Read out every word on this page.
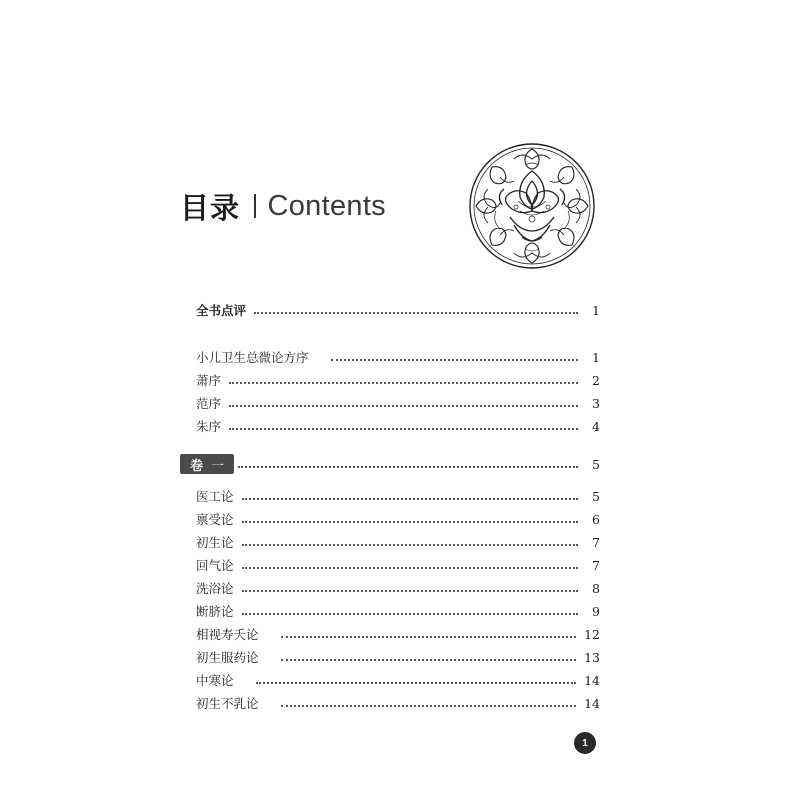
目录 Contents
全书点评	1
小儿卫生总微论方序	1
萧序	2
范序	3
朱序	4
卷 一	5
医工论	5
禀受论	6
初生论	7
回气论	7
洗浴论	8
断脐论	9
相视寿夭论	12
初生服药论	13
中寒论	14
初生不乳论	14
1
